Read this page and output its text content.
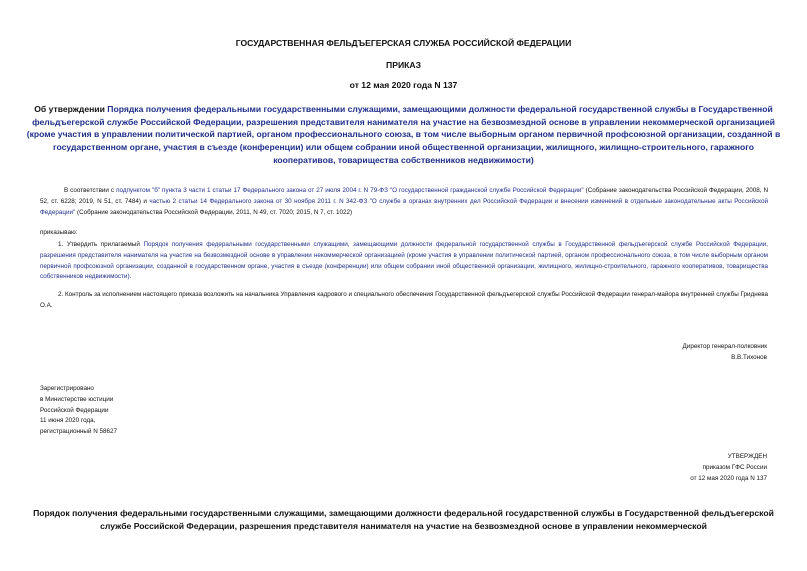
ГОСУДАРСТВЕННАЯ ФЕЛЬДЪЕГЕРСКАЯ СЛУЖБА РОССИЙСКОЙ ФЕДЕРАЦИИ
ПРИКАЗ
от 12 мая 2020 года N 137
Об утверждении Порядка получения федеральными государственными служащими, замещающими должности федеральной государственной службы в Государственной фельдъегерской службе Российской Федерации, разрешения представителя нанимателя на участие на безвозмездной основе в управлении некоммерческой организацией (кроме участия в управлении политической партией, органом профессионального союза, в том числе выборным органом первичной профсоюзной организации, созданной в государственном органе, участия в съезде (конференции) или общем собрании иной общественной организации, жилищного, жилищно-строительного, гаражного кооперативов, товарищества собственников недвижимости)
В соответствии с подпунктом "б" пункта 3 части 1 статьи 17 Федерального закона от 27 июля 2004 г. N 79-ФЗ "О государственной гражданской службе Российской Федерации" (Собрание законодательства Российской Федерации, 2008, N 52, ст. 6228; 2019, N 51, ст. 7484) и частью 2 статьи 14 Федерального закона от 30 ноября 2011 г. N 342-ФЗ "О службе в органах внутренних дел Российской Федерации и внесении изменений в отдельные законодательные акты Российской Федерации" (Собрание законодательства Российской Федерации, 2011, N 49, ст. 7020; 2015, N 7, ст. 1022)
приказываю:
1. Утвердить прилагаемый Порядок получения федеральными государственными служащими, замещающими должности федеральной государственной службы в Государственной фельдъегерской службе Российской Федерации, разрешения представителя нанимателя на участие на безвозмездной основе в управлении некоммерческой организацией (кроме участия в управлении политической партией, органом профессионального союза, в том числе выборным органом первичной профсоюзной организации, созданной в государственном органе, участия в съезде (конференции) или общем собрании иной общественной организации, жилищного, жилищно-строительного, гаражного кооперативов, товарищества собственников недвижимости).
2. Контроль за исполнением настоящего приказа возложить на начальника Управления кадрового и специального обеспечения Государственной фельдъегерской службы Российской Федерации генерал-майора внутренней службы Гриднева О.А.
Директор генерал-полковник
В.В.Тихонов
Зарегистрировано
в Министерстве юстиции
Российской Федерации
11 июня 2020 года,
регистрационный N 58627
УТВЕРЖДЕН
приказом ГФС России
от 12 мая 2020 года N 137
Порядок получения федеральными государственными служащими, замещающими должности федеральной государственной службы в Государственной фельдъегерской службе Российской Федерации, разрешения представителя нанимателя на участие на безвозмездной основе в управлении некоммерческой
